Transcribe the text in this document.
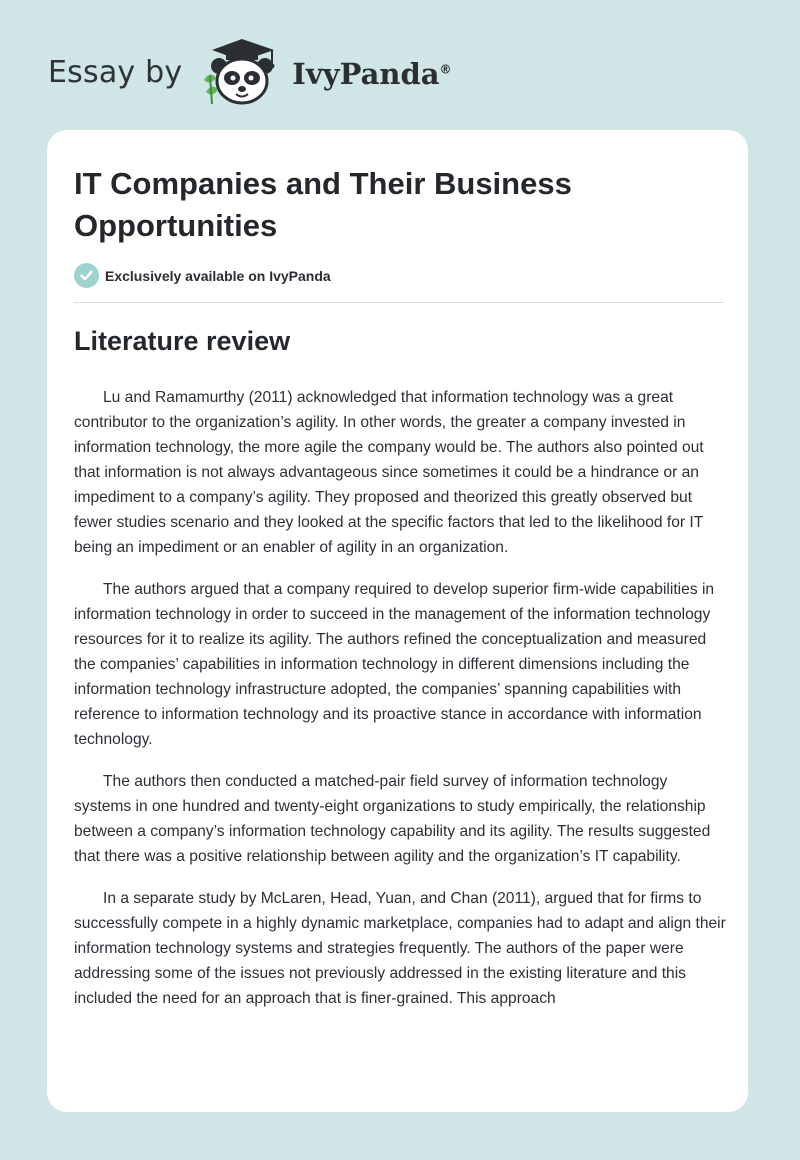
Essay by	IvyPanda®
IT Companies and Their Business Opportunities
Exclusively available on IvyPanda
Literature review

Lu and Ramamurthy (2011) acknowledged that information technology was a great contributor to the organization’s agility. In other words, the greater a company invested in information technology, the more agile the company would be. The authors also pointed out that information is not always advantageous since sometimes it could be a hindrance or an impediment to a company’s agility. They proposed and theorized this greatly observed but fewer studies scenario and they looked at the specific factors that led to the likelihood for IT being an impediment or an enabler of agility in an organization.

The authors argued that a company required to develop superior firm-wide capabilities in information technology in order to succeed in the management of the information technology resources for it to realize its agility. The authors refined the conceptualization and measured the companies’ capabilities in information technology in different dimensions including the information technology infrastructure adopted, the companies’ spanning capabilities with reference to information technology and its proactive stance in accordance with information technology.

The authors then conducted a matched-pair field survey of information technology systems in one hundred and twenty-eight organizations to study empirically, the relationship between a company’s information technology capability and its agility. The results suggested that there was a positive relationship between agility and the organization’s IT capability.

In a separate study by McLaren, Head, Yuan, and Chan (2011), argued that for firms to successfully compete in a highly dynamic marketplace, companies had to adapt and align their information technology systems and strategies frequently. The authors of the paper were addressing some of the issues not previously addressed in the existing literature and this included the need for an approach that is finer-grained. This approach
